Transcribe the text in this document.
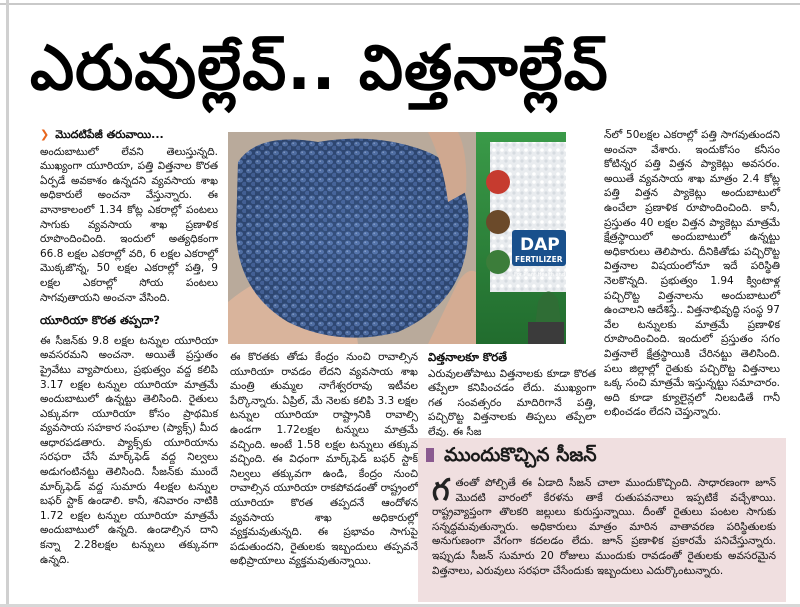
ఎరువుల్లేవ్.. విత్తనాల్లేవ్
❯ మొదటిపేజీ తరువాయి...

అందుబాటులో లేవని తెలుస్తున్నది. ముఖ్యంగా యూరియా, పత్తి విత్తనాల కొరత ఏర్పడే అవకాశం ఉన్నదని వ్యవసాయ శాఖ అధికారులే అంచనా వేస్తున్నారు. ఈ వానాకాలంలో 1.34 కోట్ల ఎకరాల్లో పంటలు సాగుకు వ్యవసాయ శాఖ ప్రణాళిక రూపొందించింది. ఇందులో అత్యధికంగా 66.8 లక్షల ఎకరాల్లో వరి, 6 లక్షల ఎకరాల్లో మొక్కజొన్న, 50 లక్షల ఎకరాల్లో పత్తి, 9 లక్షల ఎకరాల్లో సోయ పంటలు సాగవుతాయని అంచనా వేసింది.

యూరియా కొరత తప్పదా?

ఈ సీజన్‌కు 9.8 లక్షల టన్నుల యూరియా అవసరమని అంచనా. అయితే ప్రస్తుతం ప్రైవేటు వ్యాపారులు, ప్రభుత్వం వద్ద కలిపి 3.17 లక్షల టన్నుల యూరియా మాత్రమే అందుబాటులో ఉన్నట్టు తెలిసింది. రైతులు ఎక్కువగా యూరియా కోసం ప్రాథమిక వ్యవసాయ సహకార సంఘాల (ప్యాక్స్) మీద ఆధారపడతారు. ప్యాక్స్‌కు యూరియాను సరఫరా చేసే మార్క్‌ఫెడ్ వద్ద నిల్వలు అడుగంటినట్టు తెలిసింది. సీజన్‌కు ముందే మార్క్‌ఫెడ్ వద్ద సుమారు 4లక్షల టన్నుల బఫర్ స్టాక్ ఉండాలి. కానీ, శనివారం నాటికి 1.72 లక్షల టన్నుల యూరియా మాత్రమే అందుబాటులో ఉన్నది. ఉండాల్సిన దాని కన్నా 2.28లక్షల టన్నులు తక్కువగా ఉన్నది.

DAP
FERTILIZER
For Plant Health and Growth

ఈ కొరతకు తోడు కేంద్రం నుంచి రావాల్సిన యూరియా రావడం లేదని వ్యవసాయ శాఖ మంత్రి తుమ్మల నాగేశ్వరరావు ఇటీవల పేర్కొన్నారు. ఏప్రిల్, మే నెలకు కలిపి 3.3 లక్షల టన్నుల యూరియా రాష్ట్రానికి రావాల్సి ఉండగా 1.72లక్షల టన్నులు మాత్రమే వచ్చింది. అంటే 1.58 లక్షల టన్నులు తక్కువ వచ్చింది. ఈ విధంగా మార్క్‌ఫెడ్ బఫర్ స్టాక్ నిల్వలు తక్కువగా ఉండి, కేంద్రం నుంచి రావాల్సిన యూరియా రాకపోవడంతో రాష్ట్రంలో యూరియా కొరత తప్పదనే ఆందోళన వ్యవసాయ శాఖ అధికారుల్లో వ్యక్తమవుతున్నది. ఈ ప్రభావం సాగుపై పడుతుందని, రైతులకు ఇబ్బందులు తప్పవనే అభిప్రాయాలు వ్యక్తమవుతున్నాయి.

విత్తనాలకూ కొరతే

ఎరువులతోపాటు విత్తనాలకు కూడా కొరత తప్పేలా కనిపించడం లేదు. ముఖ్యంగా గత సంవత్సరం మాదిరిగానే పత్తి, పచ్చిరొట్ట విత్తనాలకు తిప్పలు తప్పేలా లేవు. ఈ సీజ

న్‌లో 50లక్షల ఎకరాల్లో పత్తి సాగవుతుందని అంచనా వేశారు. ఇందుకోసం కనీసం కోటిన్నర పత్తి విత్తన ప్యాకెట్లు అవసరం. అయితే వ్యవసాయ శాఖ మాత్రం 2.4 కోట్ల పత్తి విత్తన ప్యాకెట్లు అందుబాటులో ఉంచేలా ప్రణాళిక రూపొందించింది. కానీ, ప్రస్తుతం 40 లక్షల విత్తన ప్యాకెట్లు మాత్రమే క్షేత్రస్థాయిలో అందుబాటులో ఉన్నట్టు అధికారులు తెలిపారు. దీనికితోడు పచ్చిరొట్ట విత్తనాల విషయంలోనూ ఇదే పరిస్థితి నెలకొన్నది. ప్రభుత్వం 1.94 క్వింటాళ్ల పచ్చిరొట్ట విత్తనాలను అందుబాటులో ఉంచాలని ఆదేశిస్తే.. విత్తనాభివృద్ధి సంస్థ 97 వేల టన్నులకు మాత్రమే ప్రణాళిక రూపొందించింది. ఇందులో ప్రస్తుతం సగం విత్తనాలే క్షేత్రస్థాయికి చేరినట్టు తెలిసింది. పలు జిల్లాల్లో రైతుకు పచ్చిరొట్ట విత్తనాలు ఒక్క సంచి మాత్రమే ఇస్తున్నట్టు సమాచారం. అది కూడా క్యూలైన్లలో నిలబడితే గానీ లభించడం లేదని చెప్తున్నారు.

ముందుకొచ్చిన సీజన్

గతంతో పోల్చితే ఈ ఏడాది సీజన్ చాలా ముందుకొచ్చింది. సాధారణంగా జూన్ మొదటి వారంలో కేరళను తాకే రుతుపవనాలు ఇప్పటికే వచ్చేశాయి. రాష్ట్రవ్యాప్తంగా తొలకరి జల్లులు కురుస్తున్నాయి. దీంతో రైతులు పంటల సాగుకు సన్నద్ధమవుతున్నారు. అధికారులు మాత్రం మారిన వాతావరణ పరిస్థితులకు అనుగుణంగా వేగంగా కదలడం లేదు. జూన్ ప్రణాళిక ప్రకారమే పనిచేస్తున్నారు. ఇప్పుడు సీజన్ సుమారు 20 రోజులు ముందుకు రావడంతో రైతులకు అవసరమైన విత్తనాలు, ఎరువులు సరఫరా చేసేందుకు ఇబ్బందులు ఎదుర్కొంటున్నారు.
